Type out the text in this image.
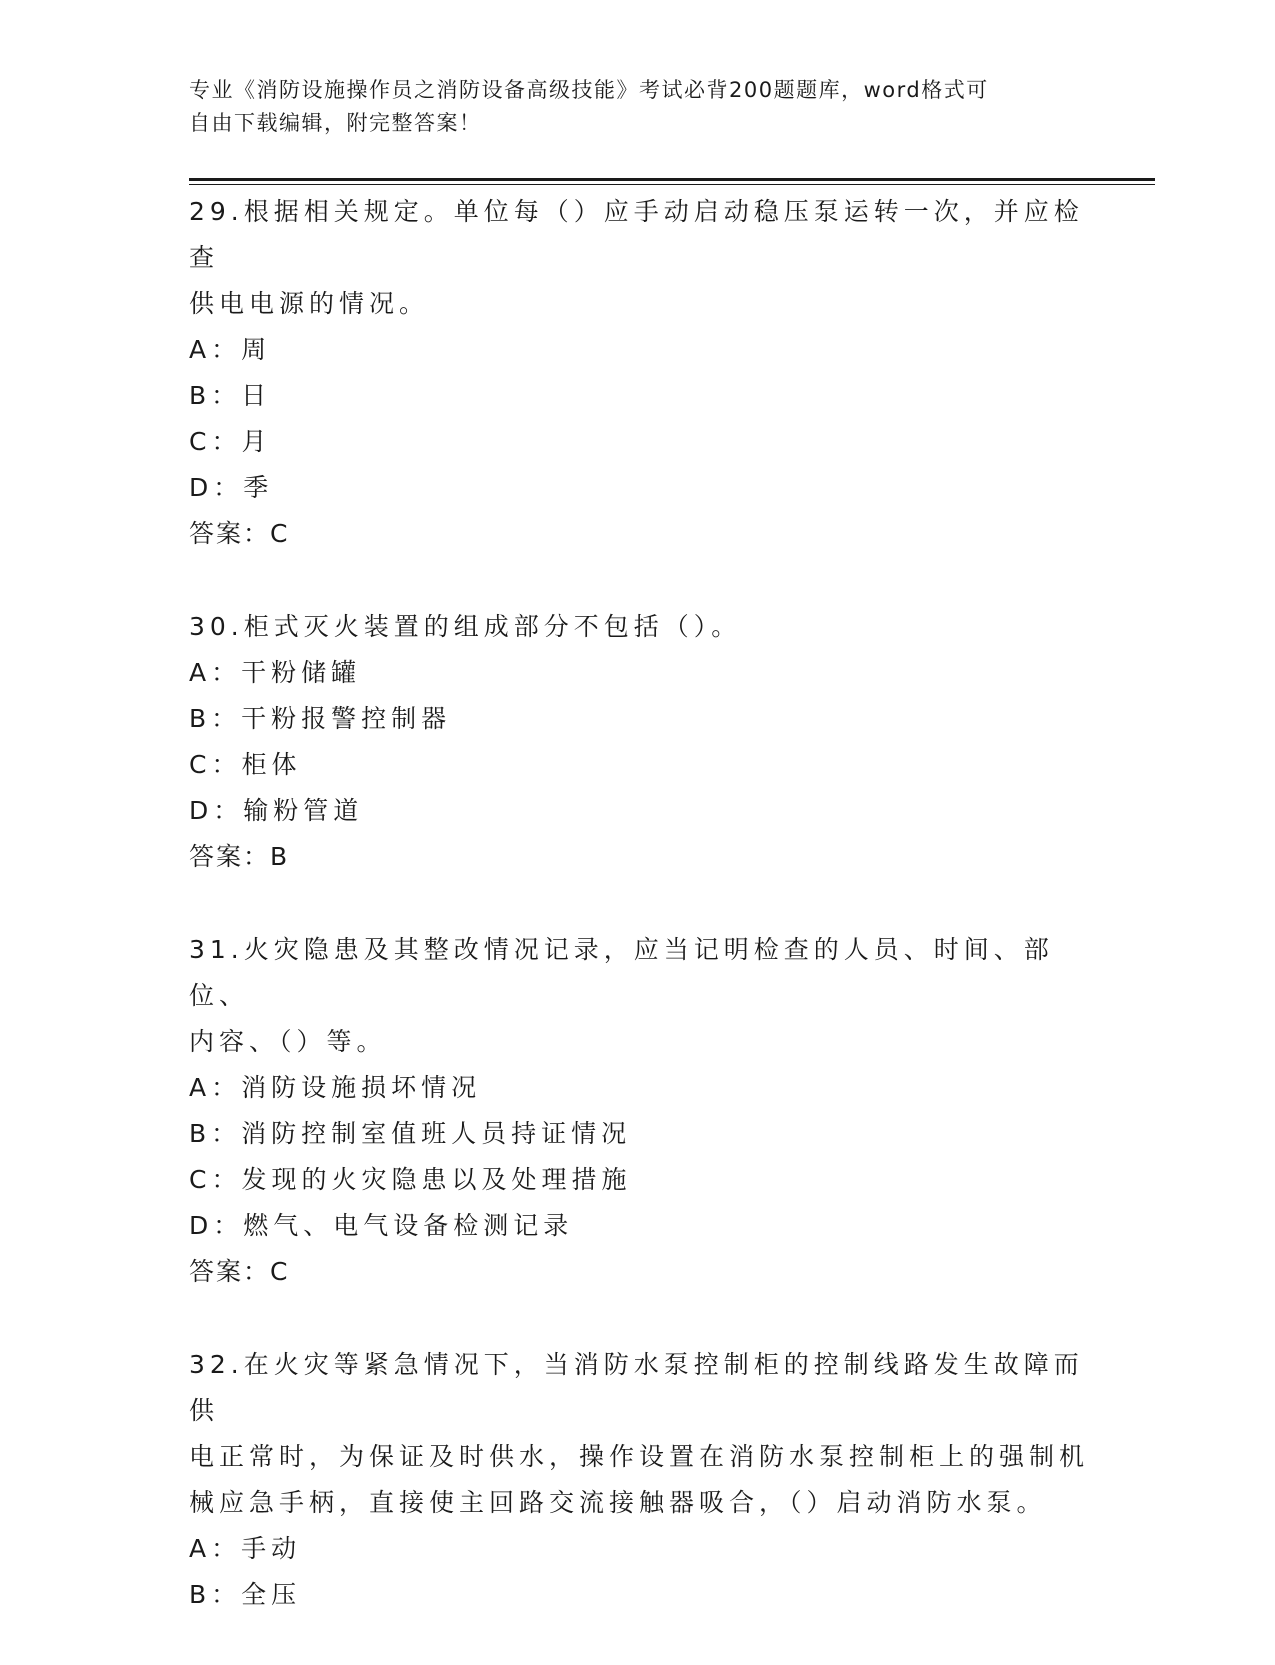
专业《消防设施操作员之消防设备高级技能》考试必背200题题库，word格式可
自由下载编辑，附完整答案！
29.根据相关规定。单位每（）应手动启动稳压泵运转一次，并应检查
供电电源的情况。
A：周
B：日
C：月
D：季
答案：C
30.柜式灭火装置的组成部分不包括（）。
A：干粉储罐
B：干粉报警控制器
C：柜体
D：输粉管道
答案：B
31.火灾隐患及其整改情况记录，应当记明检查的人员、时间、部位、
内容、（）等。
A：消防设施损坏情况
B：消防控制室值班人员持证情况
C：发现的火灾隐患以及处理措施
D：燃气、电气设备检测记录
答案：C
32.在火灾等紧急情况下，当消防水泵控制柜的控制线路发生故障而供
电正常时，为保证及时供水，操作设置在消防水泵控制柜上的强制机
械应急手柄，直接使主回路交流接触器吸合，（）启动消防水泵。
A：手动
B：全压
